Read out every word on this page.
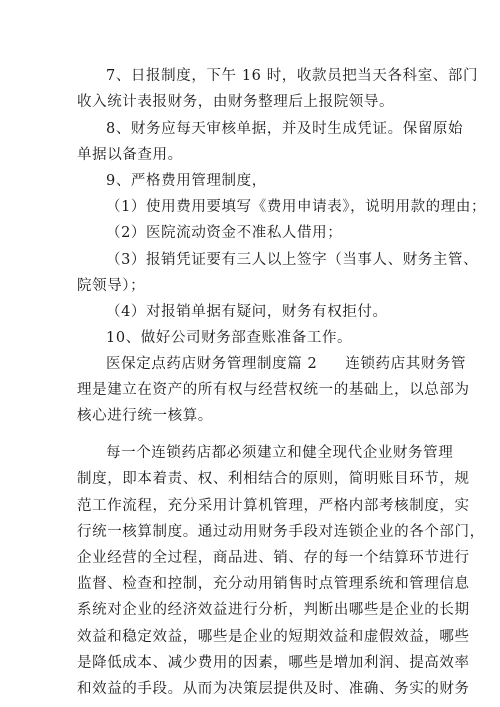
7、日报制度，下午 16 时，收款员把当天各科室、部门
收入统计表报财务，由财务整理后上报院领导。
8、财务应每天审核单据，并及时生成凭证。保留原始
单据以备查用。
9、严格费用管理制度，
（1）使用费用要填写《费用申请表》，说明用款的理由；
（2）医院流动资金不准私人借用；
（3）报销凭证要有三人以上签字（当事人、财务主管、
院领导）；
（4）对报销单据有疑问，财务有权拒付。
10、做好公司财务部查账准备工作。
医保定点药店财务管理制度篇 2 连锁药店其财务管
理是建立在资产的所有权与经营权统一的基础上，以总部为
核心进行统一核算。
每一个连锁药店都必须建立和健全现代企业财务管理
制度，即本着责、权、利相结合的原则，简明账目环节，规
范工作流程，充分采用计算机管理，严格内部考核制度，实
行统一核算制度。通过动用财务手段对连锁企业的各个部门，
企业经营的全过程，商品进、销、存的每一个结算环节进行
监督、检查和控制，充分动用销售时点管理系统和管理信息
系统对企业的经济效益进行分析，判断出哪些是企业的长期
效益和稳定效益，哪些是企业的短期效益和虚假效益，哪些
是降低成本、减少费用的因素，哪些是增加利润、提高效率
和效益的手段。从而为决策层提供及时、准确、务实的财务
